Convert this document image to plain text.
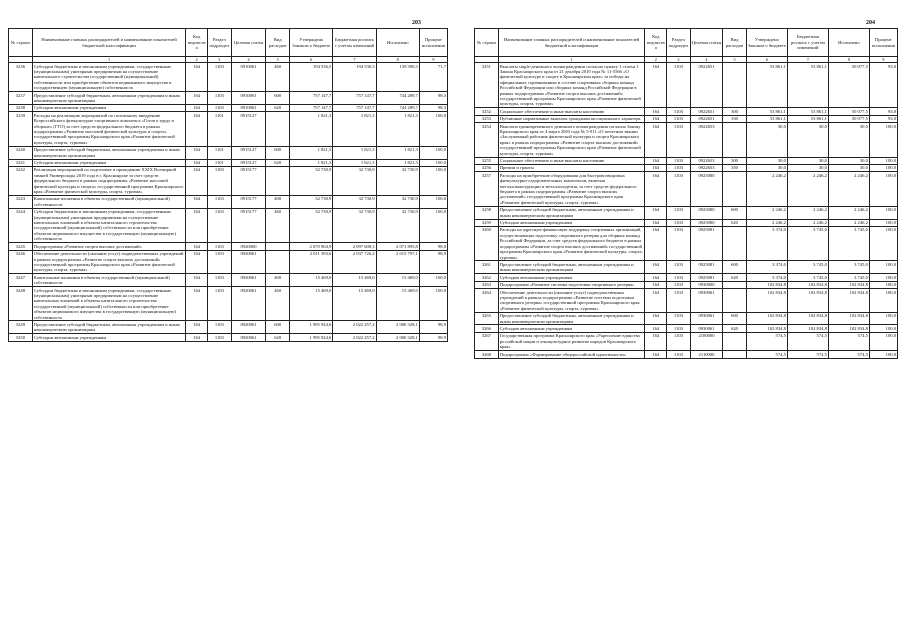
203
№ строки	Наименование главных распорядителей и наименование показателей бюджетной классификации	Код ведомства	Раздел подраздел	Целевая статья	Вид расходов	Утверждено Законом о бюджете	Бюджетная роспись с учетом изменений	Исполнено	Процент исполнения
	1	2	3	4	5	6	7	8	9
3236	Субсидии бюджетным и автономным учреждениям, государственным (муниципальным) унитарным предприятиям на осуществление капитального строительства государственной (муниципальной) собственности или приобретение объектов недвижимого имущества в государственную (муниципальную) собственность	164	1103	0910061	460	194 536,5	194 536,5	139 390,3	71,7
3237	Предоставление субсидий бюджетным, автономным учреждениям и иным некоммерческим организациям	164	1103	0910061	600	757 147,7	757 147,7	744 289,7	98,3
3238	Субсидии автономным учреждениям	164	1103	0910061	620	757 147,7	757 147,7	744 289,7	98,3
3239	Расходы на реализацию мероприятий по поэтапному внедрению Всероссийского физкультурно-спортивного комплекса «Готов к труду и обороне» (ГТО) за счет средств федерального бюджета в рамках подпрограммы «Развитие массовой физической культуры и спорта» государственной программы Красноярского края «Развитие физической культуры, спорта, туризма»	164	1101	0915127		1 821,3	1 821,3	1 821,3	100,0
3240	Предоставление субсидий бюджетным, автономным учреждениям и иным некоммерческим организациям	164	1101	0915127	600	1 821,3	1 821,3	1 821,3	100,0
3241	Субсидии автономным учреждениям	164	1101	0915127	620	1 821,3	1 821,3	1 821,3	100,0
3242	Реализация мероприятий по подготовке и проведению XXIX Всемирной зимней Универсиады 2019 года в г. Красноярске за счет средств федерального бюджета в рамках подпрограммы «Развитие массовой физической культуры и спорта» государственной программы Красноярского края «Развитие физической культуры, спорта, туризма»	164	1103	0915177		32 730,9	32 730,9	32 730,9	100,0
3243	Капитальные вложения в объекты государственной (муниципальной) собственности	164	1103	0915177	400	32 730,9	32 730,9	32 730,9	100,0
3244	Субсидии бюджетным и автономным учреждениям, государственным (муниципальным) унитарным предприятиям на осуществление капитальных вложений в объекты капитального строительства государственной (муниципальной) собственности или приобретение объектов недвижимого имущества в государственную (муниципальную) собственность	164	1103	0915177	460	32 730,9	32 730,9	32 730,9	100,0
3245	Подпрограмма «Развитие спорта высших достижений»	164	1103	0920000		2 070 904,9	2 097 608,3	2 071 895,8	98,8
3246	Обеспечение деятельности (оказание услуг) подведомственных учреждений в рамках подпрограммы «Развитие спорта высших достижений» государственной программы Красноярского края «Развитие физической культуры, спорта, туризма»	164	1103	0920061		2 011 393,6	2 037 726,2	2 015 797,1	98,9
3247	Капитальные вложения в объекты государственной (муниципальной) собственности	164	1103	0920061	400	15 469,0	15 469,0	15 469,0	100,0
3248	Субсидии бюджетным и автономным учреждениям, государственным (муниципальным) унитарным предприятиям на осуществление капитальных вложений в объекты капитального строительства государственной (муниципальной) собственности или приобретение объектов недвижимого имущества в государственную (муниципальную) собственность	164	1103	0920061	460	15 469,0	15 469,0	15 469,0	100,0
3249	Предоставление субсидий бюджетным, автономным учреждениям и иным некоммерческим организациям	164	1103	0920061	600	1 995 924,6	2 022 257,2	2 000 328,1	98,9
3250	Субсидии автономным учреждениям	164	1103	0920061	620	1 995 924,6	2 022 257,2	2 000 328,1	98,9
204
№ строки	Наименование главных распорядителей и наименование показателей бюджетной классификации	Код ведомства	Раздел подраздел	Целевая статья	Вид расходов	Утверждено Законом о бюджете	Бюджетная роспись с учетом изменений	Исполнено	Процент исполнения
	1	2	3	4	5	6	7	8	9
3251	Выплаты single-денежного вознаграждения согласно пункту 1 статьи 1 Закона Красноярского края от 21 декабря 2010 года № 11-5566 «О физической культуре и спорте в Красноярском крае» за победы на официальных соревнованиях в составе спортивных сборных команд Российской Федерации или сборных команд Российской Федерации в рамках подпрограммы «Развитие спорта высших достижений» государственной программы Красноярского края «Развитие физической культуры, спорта, туризма»	164	1103	0922651		53 861,1	53 861,1	50 077,5	93,0
3252	Социальное обеспечение и иные выплаты населению	164	1103	0922651	300	53 861,1	53 861,1	50 077,5	93,0
3253	Публичные нормативные выплаты гражданам несоциального характера	164	1103	0922651	330	53 861,1	53 861,1	50 077,5	93,0
3254	Выплаты единовременного денежного вознаграждения согласно Закону Красноярского края от 4 марта 2003 года № 5-911 «О почетном звании «Заслуженный работник физической культуры и спорта Красноярского края» в рамках подпрограммы «Развитие спорта высших достижений» государственной программы Красноярского края «Развитие физической культуры, спорта, туризма»	164	1103	0922653		30,0	30,0	30,0	100,0
3255	Социальное обеспечение и иные выплаты населению	164	1103	0922653	300	30,0	30,0	30,0	100,0
3256	Премии и гранты	164	1103	0922653	350	30,0	30,0	30,0	100,0
3257	Расходы на приобретение оборудования для быстровозводимых физкультурно-оздоровительных комплексов, включая металлоконструкции и металлоизделия, за счет средств федерального бюджета в рамках подпрограммы «Развитие спорта высших достижений» государственной программы Красноярского края «Развитие физической культуры, спорта, туризма»	164	1103	0925080		2 246,2	2 246,2	2 246,2	100,0
3258	Предоставление субсидий бюджетным, автономным учреждениям и иным некоммерческим организациям	164	1103	0925080	600	2 246,2	2 246,2	2 246,2	100,0
3259	Субсидии автономным учреждениям	164	1103	0925080	620	2 246,2	2 246,2	2 246,2	100,0
3260	Расходы на адресную финансовую поддержку спортивных организаций, осуществляющих подготовку спортивного резерва для сборных команд Российской Федерации, за счет средств федерального бюджета в рамках подпрограммы «Развитие спорта высших достижений» государственной программы Красноярского края «Развитие физической культуры, спорта, туризма»	164	1103	0925081		3 374,0	3 745,0	3 745,0	100,0
3261	Предоставление субсидий бюджетным, автономным учреждениям и иным некоммерческим организациям	164	1103	0925081	600	3 374,0	3 745,0	3 745,0	100,0
3262	Субсидии автономным учреждениям	164	1103	0925081	620	3 374,0	3 745,0	3 745,0	100,0
3263	Подпрограмма «Развитие системы подготовки спортивного резерва»	164	1103	0930000		102 834,8	102 834,8	102 834,8	100,0
3264	Обеспечение деятельности (оказание услуг) подведомственных учреждений в рамках подпрограммы «Развитие системы подготовки спортивного резерва» государственной программы Красноярского края «Развитие физической культуры, спорта, туризма»	164	1103	0930061		102 834,8	102 834,8	102 834,8	100,0
3265	Предоставление субсидий бюджетным, автономным учреждениям и иным некоммерческим организациям	164	1103	0930061	600	102 834,8	102 834,8	102 834,8	100,0
3266	Субсидии автономным учреждениям	164	1103	0930061	620	102 834,8	102 834,8	102 834,8	100,0
3267	Государственная программа Красноярского края «Укрепление единства российской нации и этнокультурное развитие народов Красноярского края»	164	1103	2100000		574,5	574,5	574,5	100,0
3268	Подпрограмма «Формирование общероссийской идентичности»	164	1103	2110000		574,5	574,5	574,5	100,0
